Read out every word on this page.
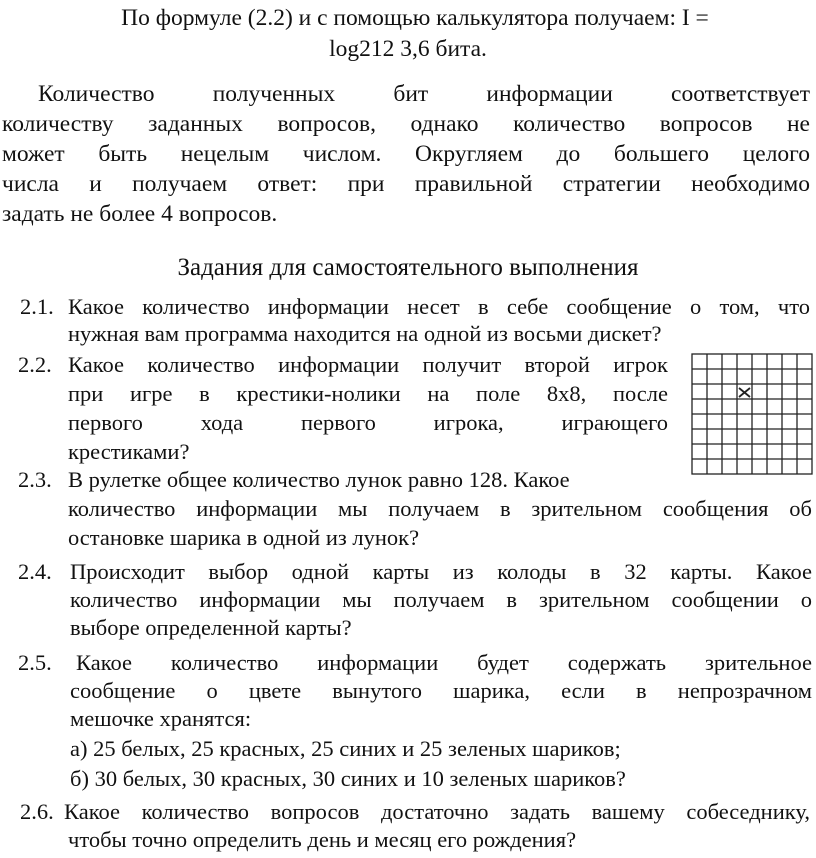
По формуле (2.2) и с помощью калькулятора получаем: I =

log212 3,6 бита.

Количество полученных бит информации соответствует

количеству заданных вопросов, однако количество вопросов не

может быть нецелым числом. Округляем до большего целого

числа и получаем ответ: при правильной стратегии необходимо

задать не более 4 вопросов.

Задания для самостоятельного выполнения

2.1. Какое количество информации несет в себе сообщение о том, что
нужная вам программа находится на одной из восьми дискет?
2.2. Какое количество информации получит второй игрок
при игре в крестики-нолики на поле 8х8, после
первого хода первого игрока, играющего
крестиками?
2.3. В рулетке общее количество лунок равно 128. Какое
количество информации мы получаем в зрительном сообщения об
остановке шарика в одной из лунок?
2.4. Происходит выбор одной карты из колоды в 32 карты. Какое
количество информации мы получаем в зрительном сообщении о
выборе определенной карты?
2.5. Какое количество информации будет содержать зрительное
сообщение о цвете вынутого шарика, если в непрозрачном
мешочке хранятся:
а) 25 белых, 25 красных, 25 синих и 25 зеленых шариков;
б) 30 белых, 30 красных, 30 синих и 10 зеленых шариков?
2.6. Какое количество вопросов достаточно задать вашему собеседнику,
чтобы точно определить день и месяц его рождения?
